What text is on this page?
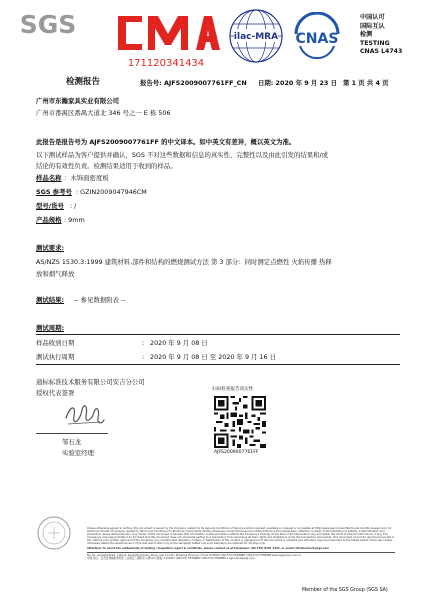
SGS
171120341434
ilac-MRA CNAS
中国认可
国际互认
检测
TESTING
CNAS L4743
检测报告	报告号: AJFS2009007761FF_CN 日期: 2020 年 9 月 23 日 第 1 页 共 4 页
广州市东瀚家具实业有限公司
广州市番禺区番禺大道北 346 号之一 E 栋 506
此报告是报告号为 AJFS2009007761FF 的中文译本。如中英文有差异，概以英文为准。
以下测试样品为客户提供并确认，SGS 不对这些数据和信息的真实性、完整性以及由此引发的结果和/或
结论的有效性负责。检测结果适用于收到的样品。
样品名称 ：木饰面密度板
SGS 参考号 : GZIN2009047946CM
型号/货号 : /
产品规格 : 9mm
测试要求:
AS/NZS 1530.3:1999 建筑材料,部件和结构的燃烧测试方法 第 3 部分：同时测定点燃性 火焰传播 热释
放和烟气释放
测试结果: -- 参见数据附表 --
测试周期:
样品收到日期	: 2020 年 9 月 08 日
测试执行周期	: 2020 年 9 月 08 日 至 2020 年 9 月 16 日
通标标准技术服务有限公司安吉分公司
授权代表签署
邹石龙
实验室经理
扫码检查报告真实性
AJFS2009007761FF
Unless otherwise agreed in writing, this document is issued by the Company subject to its General Conditions of Service printed overleaf, available on request or accessible at http://www.sgs.com/en/Terms-and-Conditions.aspx and, for electronic format documents, subject to Terms and Conditions for Electronic Documents at http://www.sgs.com/en/Terms-and-Conditions/Terms-e-Document.aspx. Attention is drawn to the limitation of liability, indemnification and jurisdiction issues defined therein. Any holder of this document is advised that information contained hereon reflects the Company's findings at the time of its intervention only and within the limits of Client's instructions, if any. The Company's sole responsibility is to its Client and this document does not exonerate parties to a transaction from exercising all their rights and obligations under the transaction documents. This document cannot be reproduced except in full, without prior written approval of the Company. Any unauthorized alteration, forgery or falsification of the content or appearance of this document is unlawful and offenders may be prosecuted to the fullest extent of the law. Unless otherwise stated the results shown in this test report refer only to the sample(s) tested and such sample(s) are retained for 30 days only.
Attention: To check the authenticity of testing / inspection report & certificate, please contact us at telephone: (86-755) 8307 1443, or email: CN.Doccheck@sgs.com
No. 51, Sunlight Road, 1 Block, Sunlight Industry Zone, Anji County, Zhejiang Province, China 313300 t (86-572) 5558888 f (86-572) 5558888 www.sgsgroup.com.cn
中国·浙江 · 安吉县递铺街道阳光工业园区二期阳光大道51号 邮编: 313300 t (86-572) 5558888 f (86-572) 5558888 e sgs.china@sgs.com
Member of the SGS Group (SGS SA)
